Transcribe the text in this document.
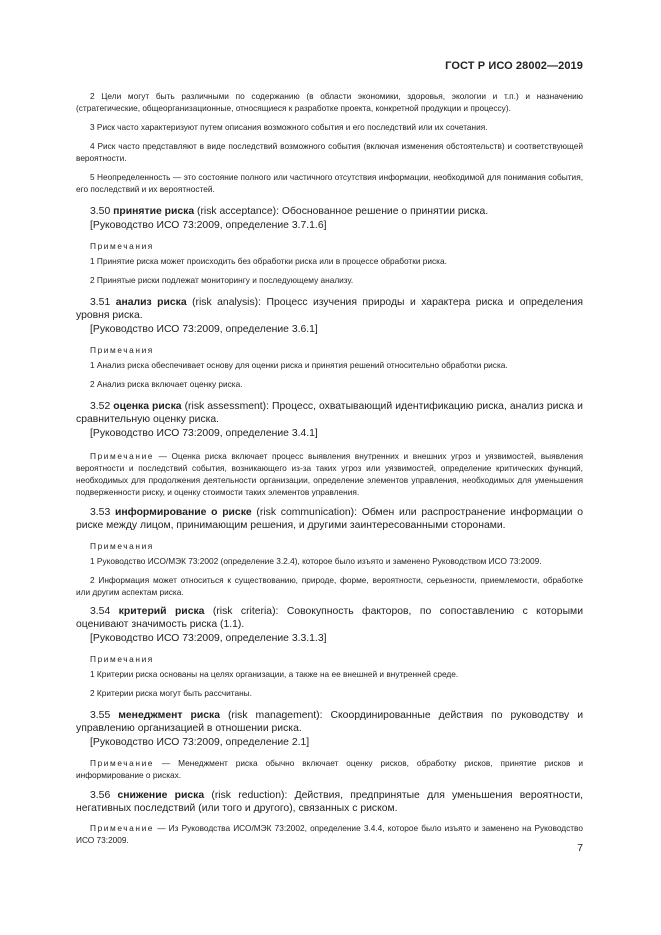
ГОСТ Р ИСО 28002—2019

2 Цели могут быть различными по содержанию (в области экономики, здоровья, экологии и т.п.) и назначению (стратегические, общеорганизационные, относящиеся к разработке проекта, конкретной продукции и процессу).

3 Риск часто характеризуют путем описания возможного события и его последствий или их сочетания.

4 Риск часто представляют в виде последствий возможного события (включая изменения обстоятельств) и соответствующей вероятности.

5 Неопределенность — это состояние полного или частичного отсутствия информации, необходимой для понимания события, его последствий и их вероятностей.

3.50 принятие риска (risk acceptance): Обоснованное решение о принятии риска.

[Руководство ИСО 73:2009, определение 3.7.1.6]
Примечания

1 Принятие риска может происходить без обработки риска или в процессе обработки риска.

2 Принятые риски подлежат мониторингу и последующему анализу.

3.51 анализ риска (risk analysis): Процесс изучения природы и характера риска и определения уровня риска.

[Руководство ИСО 73:2009, определение 3.6.1]
Примечания

1 Анализ риска обеспечивает основу для оценки риска и принятия решений относительно обработки риска.

2 Анализ риска включает оценку риска.

3.52 оценка риска (risk assessment): Процесс, охватывающий идентификацию риска, анализ риска и сравнительную оценку риска.

[Руководство ИСО 73:2009, определение 3.4.1]

Примечание — Оценка риска включает процесс выявления внутренних и внешних угроз и уязвимостей, выявления вероятности и последствий события, возникающего из-за таких угроз или уязвимостей, определение критических функций, необходимых для продолжения деятельности организации, определение элементов управления, необходимых для уменьшения подверженности риску, и оценку стоимости таких элементов управления.

3.53 информирование о риске (risk communication): Обмен или распространение информации о риске между лицом, принимающим решения, и другими заинтересованными сторонами.

Примечания

1 Руководство ИСО/МЭК 73:2002 (определение 3.2.4), которое было изъято и заменено Руководством ИСО 73:2009.

2 Информация может относиться к существованию, природе, форме, вероятности, серьезности, приемлемости, обработке или другим аспектам риска.

3.54 критерий риска (risk criteria): Совокупность факторов, по сопоставлению с которыми оценивают значимость риска (1.1).

[Руководство ИСО 73:2009, определение 3.3.1.3]
Примечания

1 Критерии риска основаны на целях организации, а также на ее внешней и внутренней среде.

2 Критерии риска могут быть рассчитаны.

3.55 менеджмент риска (risk management): Скоординированные действия по руководству и управлению организацией в отношении риска.

[Руководство ИСО 73:2009, определение 2.1]

Примечание — Менеджмент риска обычно включает оценку рисков, обработку рисков, принятие рисков и информирование о рисках.

3.56 снижение риска (risk reduction): Действия, предпринятые для уменьшения вероятности, негативных последствий (или того и другого), связанных с риском.

Примечание — Из Руководства ИСО/МЭК 73:2002, определение 3.4.4, которое было изъято и заменено на Руководство ИСО 73:2009.

7
